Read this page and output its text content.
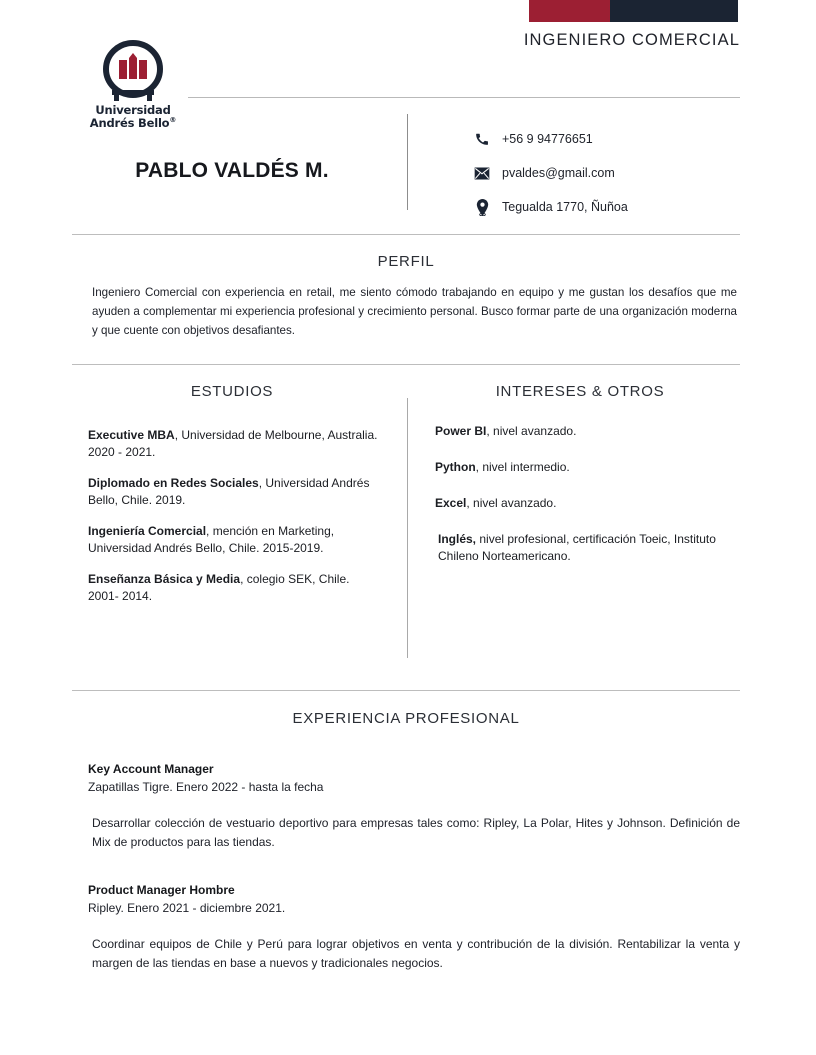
INGENIERO COMERCIAL
Universidad
Andrés Bello®
PABLO VALDÉS M.
+56 9 94776651
pvaldes@gmail.com
Tegualda 1770, Ñuñoa
PERFIL
Ingeniero Comercial con experiencia en retail, me siento cómodo trabajando en equipo y me gustan los desafíos que me ayuden a complementar mi experiencia profesional y crecimiento personal. Busco formar parte de una organización moderna y que cuente con objetivos desafiantes.
ESTUDIOS	INTERESES & OTROS
Executive MBA, Universidad de Melbourne, Australia. 2020 - 2021.
Diplomado en Redes Sociales, Universidad Andrés Bello, Chile. 2019.
Ingeniería Comercial, mención en Marketing, Universidad Andrés Bello, Chile. 2015-2019.
Enseñanza Básica y Media, colegio SEK, Chile. 2001- 2014.
Power BI, nivel avanzado.
Python, nivel intermedio.
Excel, nivel avanzado.
Inglés, nivel profesional, certificación Toeic, Instituto Chileno Norteamericano.
EXPERIENCIA PROFESIONAL
Key Account Manager
Zapatillas Tigre. Enero 2022 - hasta la fecha
Desarrollar colección de vestuario deportivo para empresas tales como: Ripley, La Polar, Hites y Johnson. Definición de Mix de productos para las tiendas.
Product Manager Hombre
Ripley. Enero 2021 - diciembre 2021.
Coordinar equipos de Chile y Perú para lograr objetivos en venta y contribución de la división. Rentabilizar la venta y margen de las tiendas en base a nuevos y tradicionales negocios.
